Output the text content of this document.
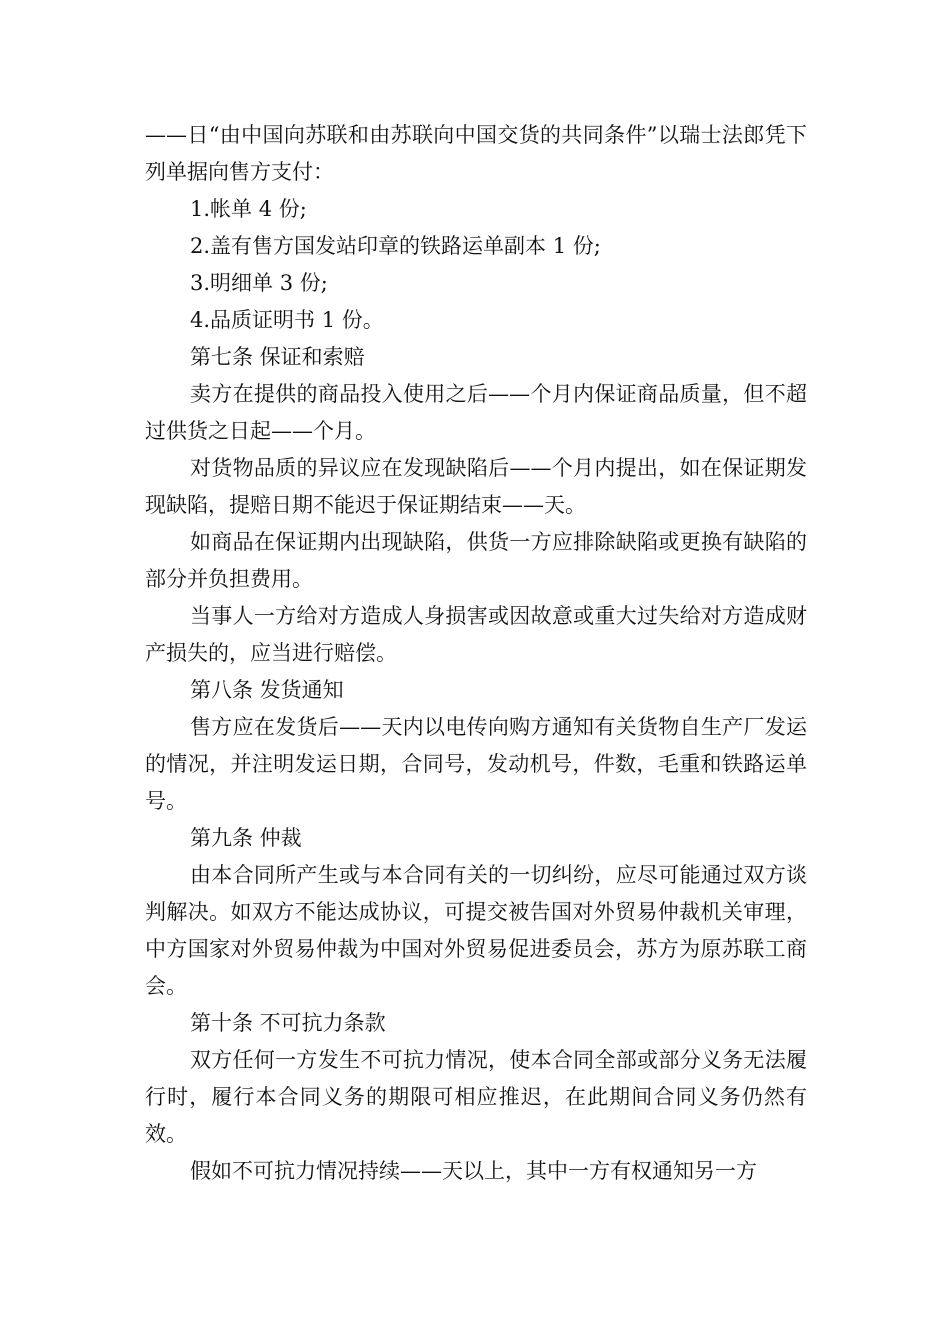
——日“由中国向苏联和由苏联向中国交货的共同条件”以瑞士法郎凭下列单据向售方支付：

1.帐单 4 份;

2.盖有售方国发站印章的铁路运单副本 1 份;

3.明细单 3 份;

4.品质证明书 1 份。

第七条 保证和索赔

卖方在提供的商品投入使用之后——个月内保证商品质量，但不超过供货之日起——个月。

对货物品质的异议应在发现缺陷后——个月内提出，如在保证期发现缺陷，提赔日期不能迟于保证期结束——天。

如商品在保证期内出现缺陷，供货一方应排除缺陷或更换有缺陷的部分并负担费用。

当事人一方给对方造成人身损害或因故意或重大过失给对方造成财产损失的，应当进行赔偿。

第八条 发货通知

售方应在发货后——天内以电传向购方通知有关货物自生产厂发运的情况，并注明发运日期，合同号，发动机号，件数，毛重和铁路运单号。

第九条 仲裁

由本合同所产生或与本合同有关的一切纠纷，应尽可能通过双方谈判解决。如双方不能达成协议，可提交被告国对外贸易仲裁机关审理，中方国家对外贸易仲裁为中国对外贸易促进委员会，苏方为原苏联工商会。

第十条 不可抗力条款

双方任何一方发生不可抗力情况，使本合同全部或部分义务无法履行时，履行本合同义务的期限可相应推迟，在此期间合同义务仍然有效。

假如不可抗力情况持续——天以上，其中一方有权通知另一方
